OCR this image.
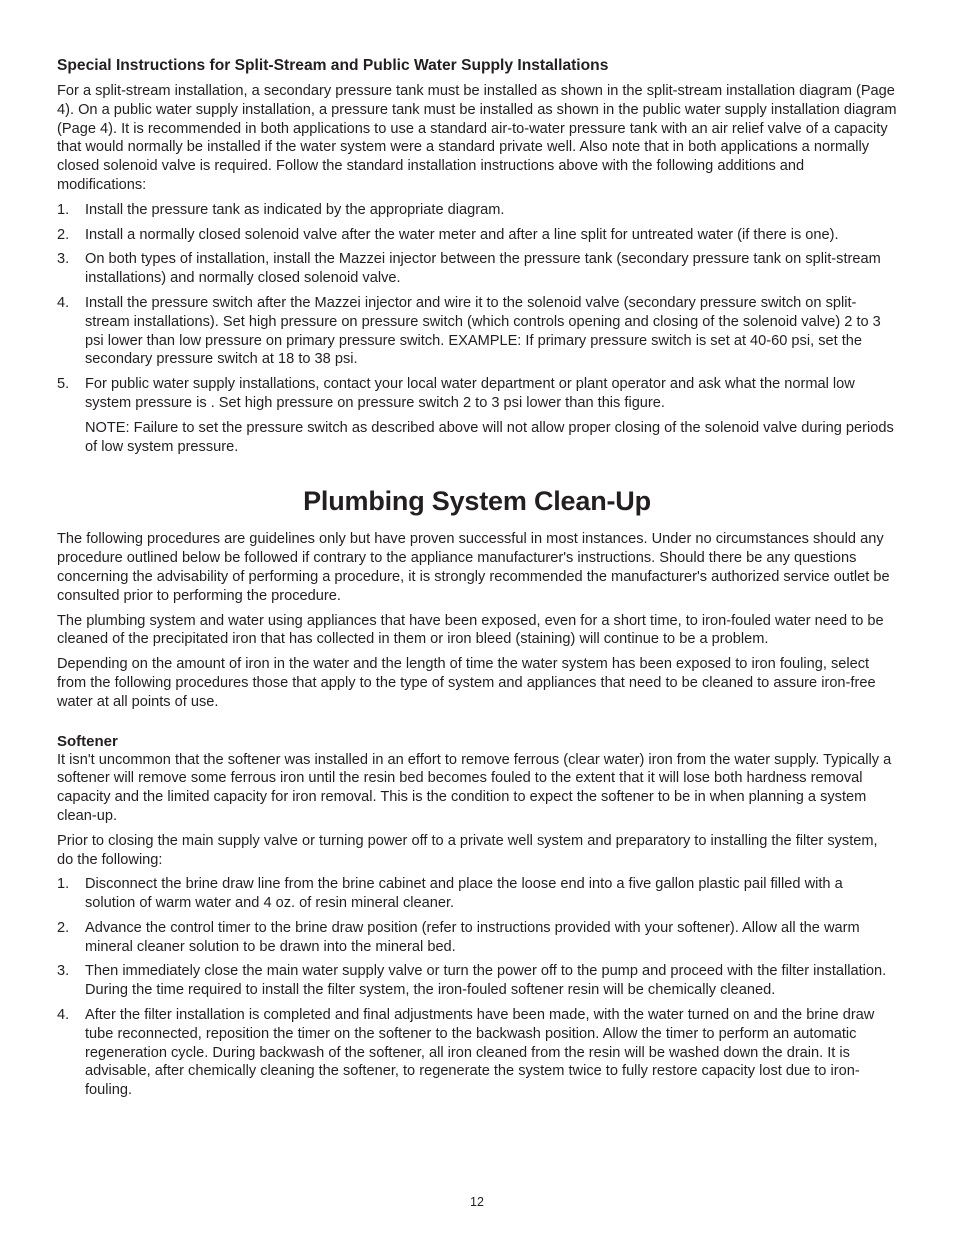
Special Instructions for Split-Stream and Public Water Supply Installations

For a split-stream installation, a secondary pressure tank must be installed as shown in the split-stream installation diagram (Page 4). On a public water supply installation, a pressure tank must be installed as shown in the public water supply installation diagram (Page 4). It is recommended in both applications to use a standard air-to-water pressure tank with an air relief valve of a capacity that would normally be installed if the water system were a standard private well. Also note that in both applications a normally closed solenoid valve is required. Follow the standard installation instructions above with the following additions and modifications:

1.	Install the pressure tank as indicated by the appropriate diagram.
2.	Install a normally closed solenoid valve after the water meter and after a line split for untreated water (if there is one).
3.	On both types of installation, install the Mazzei injector between the pressure tank (secondary pressure tank on split-stream installations) and normally closed solenoid valve.
4.	Install the pressure switch after the Mazzei injector and wire it to the solenoid valve (secondary pressure switch on split-stream installations). Set high pressure on pressure switch (which controls opening and closing of the solenoid valve) 2 to 3 psi lower than low pressure on primary pressure switch. EXAMPLE: If primary pressure switch is set at 40-60 psi, set the secondary pressure switch at 18 to 38 psi.
5.	For public water supply installations, contact your local water department or plant operator and ask what the normal low system pressure is . Set high pressure on pressure switch 2 to 3 psi lower than this figure.

NOTE: Failure to set the pressure switch as described above will not allow proper closing of the solenoid valve during periods of low system pressure.

Plumbing System Clean-Up

The following procedures are guidelines only but have proven successful in most instances. Under no circumstances should any procedure outlined below be followed if contrary to the appliance manufacturer's instructions. Should there be any questions concerning the advisability of performing a procedure, it is strongly recommended the manufacturer's authorized service outlet be consulted prior to performing the procedure.

The plumbing system and water using appliances that have been exposed, even for a short time, to iron-fouled water need to be cleaned of the precipitated iron that has collected in them or iron bleed (staining) will continue to be a problem.

Depending on the amount of iron in the water and the length of time the water system has been exposed to iron fouling, select from the following procedures those that apply to the type of system and appliances that need to be cleaned to assure iron-free water at all points of use.

Softener

It isn't uncommon that the softener was installed in an effort to remove ferrous (clear water) iron from the water supply. Typically a softener will remove some ferrous iron until the resin bed becomes fouled to the extent that it will lose both hardness removal capacity and the limited capacity for iron removal. This is the condition to expect the softener to be in when planning a system clean-up.

Prior to closing the main supply valve or turning power off to a private well system and preparatory to installing the filter system, do the following:

1.	Disconnect the brine draw line from the brine cabinet and place the loose end into a five gallon plastic pail filled with a solution of warm water and 4 oz. of resin mineral cleaner.
2.	Advance the control timer to the brine draw position (refer to instructions provided with your softener). Allow all the warm mineral cleaner solution to be drawn into the mineral bed.
3.	Then immediately close the main water supply valve or turn the power off to the pump and proceed with the filter installation. During the time required to install the filter system, the iron-fouled softener resin will be chemically cleaned.
4.	After the filter installation is completed and final adjustments have been made, with the water turned on and the brine draw tube reconnected, reposition the timer on the softener to the backwash position. Allow the timer to perform an automatic regeneration cycle. During backwash of the softener, all iron cleaned from the resin will be washed down the drain. It is advisable, after chemically cleaning the softener, to regenerate the system twice to fully restore capacity lost due to iron-fouling.
12
